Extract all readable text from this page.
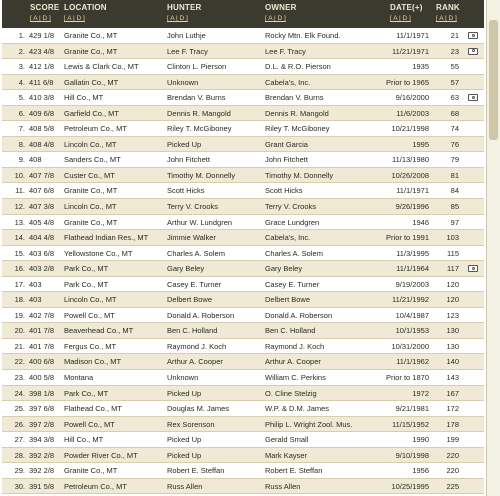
SCORE
[ A | D ]
LOCATION
[ A | D ]
HUNTER
[ A | D ]
OWNER
[ A | D ]
DATE(+)
[ A | D ]
RANK
[ A | D ]
1. 429 1/8	Granite Co., MT	John Luthje	Rocky Mtn. Elk Found.	11/1/1971	21
2. 423 4/8	Granite Co., MT	Lee F. Tracy	Lee F. Tracy	11/21/1971	23
3. 412 1/8	Lewis & Clark Co., MT	Clinton L. Pierson	D.L. & R.O. Pierson	1935	55
4. 411 6/8	Gallatin Co., MT	Unknown	Cabela's, Inc.	Prior to 1965	57
5. 410 3/8	Hill Co., MT	Brendan V. Burns	Brendan V. Burns	9/16/2000	63
6. 409 6/8	Garfield Co., MT	Dennis R. Mangold	Dennis R. Mangold	11/6/2003	68
7. 408 5/8	Petroleum Co., MT	Riley T. McGiboney	Riley T. McGiboney	10/21/1998	74
8. 408 4/8	Lincoln Co., MT	Picked Up	Grant Garcia	1995	76
9. 408	Sanders Co., MT	John Fitchett	John Fitchett	11/13/1980	79
10. 407 7/8	Custer Co., MT	Timothy M. Donnelly	Timothy M. Donnelly	10/26/2008	81
11. 407 6/8	Granite Co., MT	Scott Hicks	Scott Hicks	11/1/1971	84
12. 407 3/8	Lincoln Co., MT	Terry V. Crooks	Terry V. Crooks	9/26/1996	85
13. 405 4/8	Granite Co., MT	Arthur W. Lundgren	Grace Lundgren	1946	97
14. 404 4/8	Flathead Indian Res., MT	Jimmie Walker	Cabela's, Inc.	Prior to 1991	103
15. 403 6/8	Yellowstone Co., MT	Charles A. Solem	Charles A. Solem	11/3/1995	115
16. 403 2/8	Park Co., MT	Gary Beley	Gary Beley	11/1/1964	117
17. 403	Park Co., MT	Casey E. Turner	Casey E. Turner	9/19/2003	120
18. 403	Lincoln Co., MT	Delbert Bowe	Delbert Bowe	11/21/1992	120
19. 402 7/8	Powell Co., MT	Donald A. Roberson	Donald A. Roberson	10/4/1987	123
20. 401 7/8	Beaverhead Co., MT	Ben C. Holland	Ben C. Holland	10/1/1953	130
21. 401 7/8	Fergus Co., MT	Raymond J. Koch	Raymond J. Koch	10/31/2000	130
22. 400 6/8	Madison Co., MT	Arthur A. Cooper	Arthur A. Cooper	11/1/1962	140
23. 400 5/8	Montana	Unknown	William C. Perkins	Prior to 1870	143
24. 398 1/8	Park Co., MT	Picked Up	O. Cline Stelzig	1972	167
25. 397 6/8	Flathead Co., MT	Douglas M. James	W.P. & D.M. James	9/21/1981	172
26. 397 2/8	Powell Co., MT	Rex Sorenson	Philip L. Wright Zool. Mus.	11/15/1952	178
27. 394 3/8	Hill Co., MT	Picked Up	Gerald Small	1990	199
28. 392 2/8	Powder River Co., MT	Picked Up	Mark Kayser	9/10/1998	220
29. 392 2/8	Granite Co., MT	Robert E. Steffan	Robert E. Steffan	1956	220
30. 391 5/8	Petroleum Co., MT	Russ Allen	Russ Allen	10/25/1995	225
